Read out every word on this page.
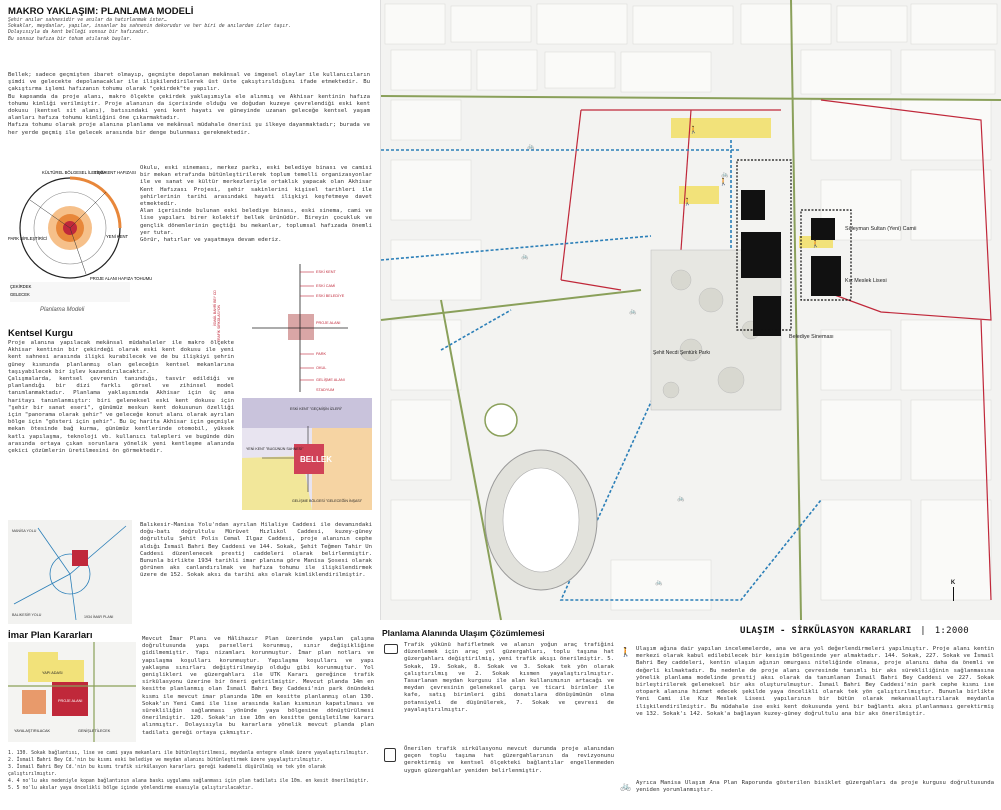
MAKRO YAKLAŞIM: PLANLAMA MODELİ
Şehir anılar sahnesidir ve anılar da hatırlanmak ister…
Sokaklar, meydanlar, yapılar, insanlar bu sahnenin dekorudur ve her biri de anılardan izler taşır.
Dolayısıyla da kent belleği sonsuz bir hafızadır.
Bu sonsuz hafıza bir tohum atılarak başlar.

Bellek; sadece geçmişten ibaret olmayıp, geçmişte depolanan mekânsal ve imgesel olaylar ile kullanıcıların şimdi ve gelecekte depolanacaklar ile ilişkilendirilerek üst üste çakıştırıldığını ifade etmektedir. Bu çakıştırma işlemi hafızanın tohumu olarak "çekirdek"te yapılır.

Bu kapsamda da proje alanı, makro ölçekte çekirdek yaklaşımıyla ele alınmış ve Akhisar kentinin hafıza tohumu kimliği verilmiştir. Proje alanının da içerisinde olduğu ve doğudan kuzeye çevrelendiği eski kent dokusu (kentsel sit alanı), batısındaki yeni kent hayatı ve güneyinde uzanan geleceğe kentsel yaşam alanları hafıza tohumu kimliğini öne çıkarmaktadır.

Hafıza tohumu olarak proje alanına planlama ve mekânsal müdahale önerisi şu ilkeye dayanmaktadır; burada ve her yerde geçmiş ile gelecek arasında bir denge bulunması gerekmektedir.

ESKİ KENT HAFIZASI
KÜLTÜREL BÖLGESEL İLETİŞİM
YENİ KENT
PROJE ALANI HAFIZA TOHUMU
PARK BİRLEŞTİRİCİ
ÇEKİRDEK
GELECEK
Planlama Modeli

Okulu, eski sineması, merkez parkı, eski belediye binası ve camisi bir mekan etrafında bütünleştirilerek toplum temelli organizasyonlar ile ve sanat ve kültür merkezleriyle ortaklık yapacak olan Akhisar Kent Hafızası Projesi, şehir sakinlerini kişisel tarihleri ile şehirlerinin tarihi arasındaki hayati ilişkiyi keşfetmeye davet etmektedir.

Alan içerisinde bulunan eski belediye binası, eski sinema, cami ve lise yapıları birer kolektif bellek ürünüdür. Bireyin çocukluk ve gençlik dönemlerinin geçtiği bu mekanlar, toplumsal hafızada önemli yer tutar.

Görür, hatırlar ve yaşatmaya devam ederiz.

ESKİ KENT
ESKİ CAMİ
ESKİ BELEDİYE
PROJE ALANI
PARK
OKUL
GELİŞME ALANI
STADYUM
İSMAİL BAHRİ BEY CD TRAFİK SİRKÜLASYON
Kentsel Kurgu

Proje alanına yapılacak mekânsal müdahaleler ile makro ölçekte Akhisar kentinin bir çekirdeği olarak eski kent dokusu ile yeni kent sahnesi arasında ilişki kurabilecek ve de bu ilişkiyi şehrin güney kısmında planlanmış olan geleceğin kentsel mekanlarına taşıyabilecek bir işlev kazandırılacaktır.

Çalışmalarda, kentsel çevrenin tanındığı, tasvir edildiği ve planlandığı bir dizi farklı görsel ve zihinsel model tanımlanmaktadır. Planlama yaklaşımında Akhisar için üç ana haritayı tanımlanmıştır: biri geleneksel eski kent dokusu için "şehir bir sanat eseri", günümüz meskun kent dokusunun özelliği için "panorama olarak şehir" ve geleceğe konut alanı olarak ayrılan bölge için "gösteri için şehir". Bu üç harita Akhisar için geçmişle mekan ötesinde bağ kurma, günümüz kentlerinde otomobil, yüksek katlı yapılaşma, teknoloji vb. kullanıcı talepleri ve bugünde dün arasında ortaya çıkan sorunlara yönelik yeni kentleşme alanında çekici çözümlerin üretilmesini ön görmektedir.

BELLEK
ESKİ KENT "GEÇMİŞİN İZLERİ"
YENİ KENT "BUGÜNÜN SAHNESİ"
GELİŞME BÖLGESİ "GELECEĞİN İNŞASI"
MANİSA YOLU
BALIKESİR YOLU	1934 İMAR PLANI
Balıkesir-Manisa Yolu'ndan ayrılan Hilaliye Caddesi ile devamındaki doğu-batı doğrultulu Mürüvet Hızlıkol Caddesi, kuzey-güney doğrultulu Şehit Polis Cemal Ilgaz Caddesi, proje alanının cephe aldığı İsmail Bahri Bey Caddesi ve 144. Sokak, Şehit Teğmen Tahir Un Caddesi düzenlenecek prestij caddeleri olarak belirlenmiştir. Bununla birlikte 1934 tarihli imar planına göre Manisa Şosesi olarak görünen aks canlandırılmak ve hafıza tohumu ile ilişkilendirmek üzere de 152. Sokak aksı da tarihi aks olarak kimliklendirilmiştir.
İmar Plan Kararları
YAPI ADASI
PROJE ALANI
YAYALAŞTIRILACAK	GENİŞLETİLECEK
Mevcut İmar Planı ve Hâlihazır Plan üzerinde yapılan çalışma doğrultusunda yapı parselleri korunmuş, sınır değişikliğine gidilmemiştir. Yapı nizamları korunmuştur. İmar plan notları ve yapılaşma koşulları korunmuştur. Yapılaşma koşulları ve yapı yaklaşma sınırları değiştirilmeyip olduğu gibi korunmuştur. Yol genişlikleri ve güzergahları ile UTK Kararı gereğince trafik sirkülasyonu üzerine bir öneri getirilmiştir. Mevcut planda 14m en kesitte planlanmış olan İsmail Bahri Bey Caddesi'nin park önündeki kısmı ile mevcut imar planında 10m en kesitte planlanmış olan 130. Sokak'ın Yeni Cami ile lise arasında kalan kısmının kapatılması ve sürekliliğin sağlanması yönünde yaya bölgesine dönüştürülmesi önerilmiştir. 120. Sokak'ın ise 10m en kesitte genişletilme kararı alınmıştır. Dolayısıyla bu kararlara yönelik mevcut planda plan tadilatı gereği ortaya çıkmıştır.
1. 130. Sokak bağlantısı, lise ve cami yaya mekanları ile bütünleştirilmesi, meydanla entegre olmak üzere yayalaştırılmıştır.
2. İsmail Bahri Bey Cd.'nin bu kısmı eski belediye ve meydan alanını bütünleştirmek üzere yayalaştırılmıştır.
3. İsmail Bahri Bey Cd.'nin bu kısmı trafik sirkülasyon kararları gereği kademeli düşürülmüş ve tek yön olarak çalıştırılmıştır.
4. 4 no'lu aks nedeniyle kopan bağlantının alana baskı uygulama sağlanması için plan tadilatı ile 10m. en kesit önerilmiştir.
5. 5 no'lu akslar yaya öncelikli bölge içinde yönlendirme esasıyla çalıştırılacaktır.
🚲
🚲
🚲
🚲
🚲
🚲
🚶
🚶
🚶
🚶
Süleyman Sultan (Yeni) Camii
Kız Meslek Lisesi
Belediye Sineması
Şehit Necdi Şentürk Parkı
K
ULAŞIM - SİRKÜLASYON KARARLARI | 1:2000
Planlama Alanında Ulaşım Çözümlemesi
Trafik yükünü hafifletmek ve alanın yoğun araç trafiğini düzenlemek için araç yol güzergahları, toplu taşıma hat güzergahları değiştirilmiş, yeni trafik akışı önerilmiştir. 5. Sokak, 19. Sokak, 8. Sokak ve 3. Sokak tek yön olarak çalıştırılmış ve 2. Sokak kısmen yayalaştırılmıştır. Tasarlanan meydan kurgusu ile alan kullanımının artacağı ve meydan çevresinin geleneksel çarşı ve ticari birimler ile kafe, satış birimleri gibi donatılara dönüşümünün olma potansiyeli de düşünülerek, 7. Sokak ve çevresi de yayalaştırılmıştır.
Önerilen trafik sirkülasyonu mevcut durumda proje alanından geçen toplu taşıma hat güzergahlarının da revizyonunu gerektirmiş ve kentsel ölçekteki bağlantılar engellenmeden uygun güzergahlar yeniden belirlenmiştir.
🚲 Ayrıca Manisa Ulaşım Ana Plan Raporunda gösterilen bisiklet güzergahları da proje kurgusu doğrultusunda yeniden yorumlanmıştır.
🚶 Ulaşım ağına dair yapılan incelemelerde, ana ve ara yol değerlendirmeleri yapılmıştır. Proje alanı kentin merkezi olarak kabul edilebilecek bir kesişim bölgesinde yer almaktadır. 144. Sokak, 227. Sokak ve İsmail Bahri Bey caddeleri, kentin ulaşım ağının omurgası niteliğinde olmasa, proje alanını daha da önemli ve değerli kılmaktadır. Bu nedenle de proje alanı çevresinde tanımlı bir aks sürekliliğinin sağlanmasına yönelik planlama modelinde prestij aksı olarak da tanımlanan İsmail Bahri Bey Caddesi ve 227. Sokak birleştirilerek geleneksel bir aks oluşturulmuştur. İsmail Bahri Bey Caddesi'nin park cephe kısmı ise otopark alanına hizmet edecek şekilde yaya öncelikli olarak tek yön çalıştırılmıştır. Bununla birlikte Yeni Cami ile Kız Meslek Lisesi yapılarının bir bütün olarak mekansallaştırılarak meydanla ilişkilendirilmiştir. Bu müdahale ise eski kent dokusunda yeni bir bağlantı aksı planlanması gerektirmiş ve 132. Sokak'ı 142. Sokak'a bağlayan kuzey-güney doğrultulu ana bir aks önerilmiştir.
